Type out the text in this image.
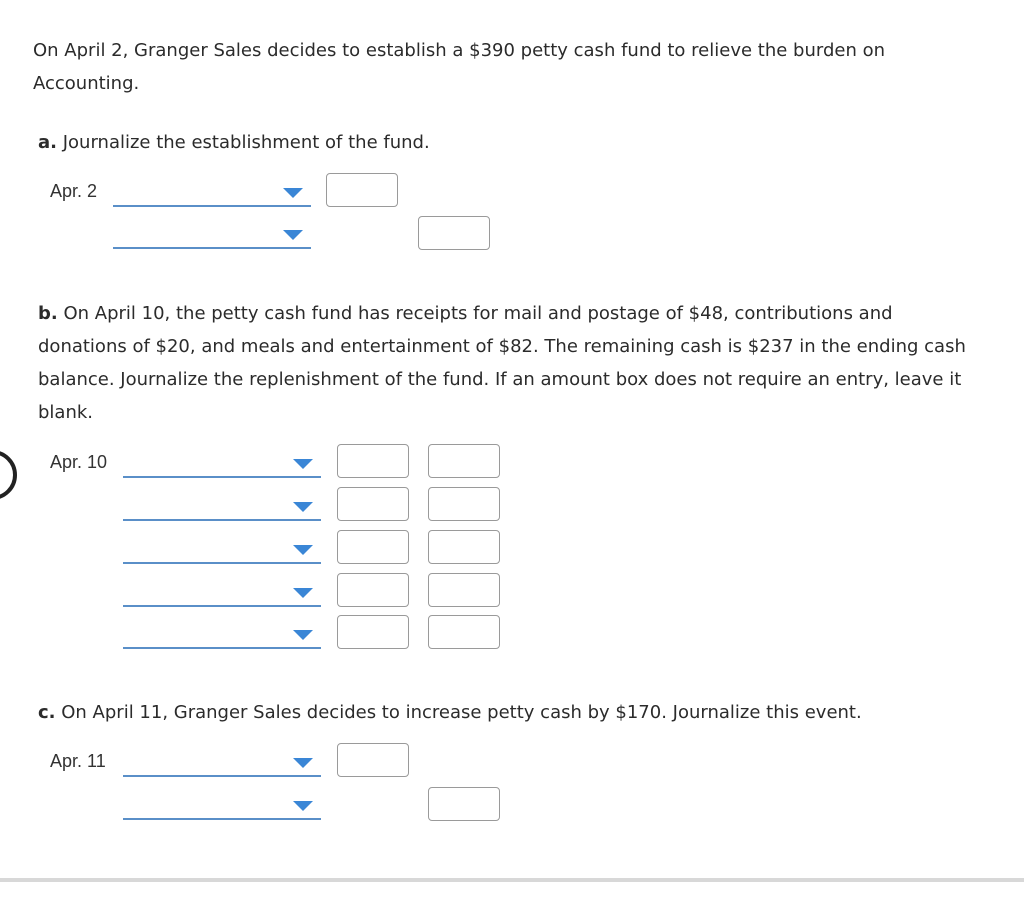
On April 2, Granger Sales decides to establish a $390 petty cash fund to relieve the burden on

Accounting.

a. Journalize the establishment of the fund.

Apr. 2

b. On April 10, the petty cash fund has receipts for mail and postage of $48, contributions and

donations of $20, and meals and entertainment of $82. The remaining cash is $237 in the ending cash

balance. Journalize the replenishment of the fund. If an amount box does not require an entry, leave it

blank.

Apr. 10

c. On April 11, Granger Sales decides to increase petty cash by $170. Journalize this event.

Apr. 11
